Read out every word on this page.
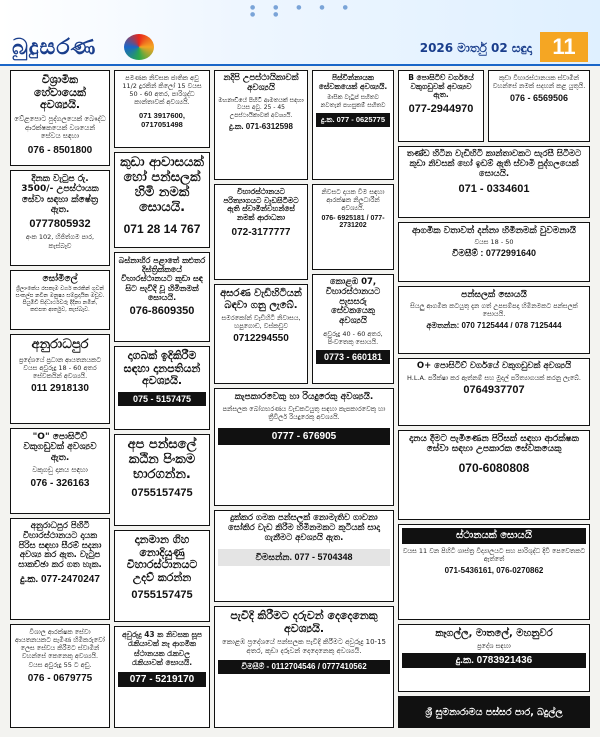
● ● ● ● ● ● ●
බුදුසරණ	2026 මාර්තු 02 සඳුදා 11
විශ්‍රාමික හේවායෙක් අවශ්‍යයි.
වේළපොට පුද්ගලයෙක් බෞද්ධ ආරක්ෂකයෙක් වශයෙන් සේවය සඳහා
076 - 8501800
දිනක වැටුප රු. 3500/- උපස්ථායක සේවා සඳහා ක්ෂේත්‍ර ඇත.
0777805932
අංක 102, හිජිත්ගම පාර, කැස්බෑව
සෝමීලේ
ශ්‍රීලාංකේය රසකෑම වර්ග කරකින් ගුවන් සංකල්ප නවීන මනුෂ්‍ය සම්ප්‍රදායික මඩුව. පියුමිඩි සිද්ධාර්ථවරු දිදිනා නමින්, කළුපත ආර්තුව, කැස්බෑව.
අනුරාධපුර
ප්‍රදේශයේ ප්‍රධාන ආයතනයකට වයස අවුරුදු 18 - 60 අතර සේවකයින් අවශ්‍යයි.
011 2918130
"O" පොසිටිව් වකුගඩුවක් අවශ්‍යව ඇත.
වකුගඩු දානය සඳහා
076 - 326163
අනුරාධපුර පිහිටි විහාරස්ථානයට දායක පිරිස සඳහා සීරම් සදනා අවශ්‍ය කර ඇත. වැටුප සාකච්ඡා කර ගත හැක.
දු.ක. 077-2470247
විශාල ආරක්ෂක සේවා ආයතනයකට පැමිණ හිමිකරුවෝ ලෙස සේවය කිරීමට ස්වාමීන් වහන්සේ කෙනෙකු අවශ්‍යයි. වයස අවුරුදු 55 ට අඩු.
076 - 0679775
පමණක නිවසක ජාතික අවු 11/2 දුරකින් කිලෝ 15 වයස 50 - 60 අතර, පාරිශුද්ධ කාන්තාවක් අවශ්‍යයි.
071 3917600, 0717051498
කුඩා ආවාසයක් හෝ පන්සලක් හිමි නමක් සොයයි.
071 28 14 767
බස්නාහිර පළාතේ කළුතර දිස්ත්‍රික්කයේ විහාරස්ථානයට කුඩා සඳ සිට පැවිදි වූ හිමිනමක් සොයයි.
076-8609350
දාගබක් ඉදිකිරීම සඳහා දානපතියන් අවශ්‍යයි.
075 - 5157475
අප පන්සලේ කඨින පිංකම භාරගන්න.
0755157475
දානමාන ගිහ නොදියුණු විහාරස්ථානයට උදව් කරන්න
0755157475
අවුරුදු 43 ක නිවසක සූප රැකියාවක් නෑ ආගමික ස්ථානයක රැකවල රැකියාවක් සොයයි.
077 - 5219170
නදිපි උපස්ථායිකාවක් අවශ්‍යයි
මහනාඩියේ පිහිටි ආමතයක් සඳහා වයස අවු. 25 - 45 උපස්ථායිකාවක් අවශ්‍යයි.
දු.ක. 071-6312598
විහාරස්ථානයට පරිත්‍යාගයට වැඩසිටීමට ඇති ස්වාමින්වහන්සේ නමක් ආරාධනා
072-3177777
අසරණ වැඩිහිටියන් බඳවා ගනු ලැබේ.
සමරකෝන් වැඩිහිටි නිවාසය, හපුගොඩ, වස්කඩුව
0712294550
පිස්වින්නායක සේවකයෙක් අවශ්‍යයි.
මාසික වැටුප් සහිතව නවතැන් පහසුකම් සහිතව
දු.ක. 077 - 0625775
නිවසට දායක වීම සඳහා ආරක්ෂක නිලධාරීන් අවශ්‍යයි.
076- 6925181 / 077-2731202
කොළඹ 07, විහාරස්ථානයට පැසසරු සේවකයෙකු අවශ්‍යයි
අවුරුදු 40 - 60 අතර, පිංවතෙකු සොයයි.
0773 - 660181
B පොසිටිව් වර්ගයේ වකුගඩුවක් අවශ්‍යව ඇත.
077-2944970
කුඩා විහාරස්ථානයක ස්වාමීන් වහන්සේ නමක් සදහන් කළ යුතුයි.
076 - 6569506
තණ්ඩ හිටින වැඩිහිටි කාන්තාවකට සැරසී සිටීමට කුඩා නිවසක් හෝ ඉඩම් ඇති ස්වාමි පුද්ගලයෙක් සොයයි.
071 - 0334601
ආගමික වතාවත් දන්නා හිමිනමක් වුවමනායි
වයස 18 - 50
විමසීම් : 0772991640
පන්සලක් සොයයි
සියලු ආගමික කටයුතු දැන ගත් උපසම්පදා හිමිනමකට පන්සලක් සොයයි.
අමතන්න: 070 7125444 / 078 7125444
O+ පොසිටිව් වර්ගයේ වකුගඩුවක් අවශ්‍යයි
H.L.A. පරීක්ෂා කර ඇත්නම් සහ මුදල් පරිත්‍යාගයක් කරනු ලැබේ.
0764937707
දානය දීමට පැමිණෙන පිරිසක් සඳහා ආරක්ෂක සේවා සඳහා උපකාරක සේවකයෙකු
070-6080808
ස්ථානයක් සොයයි
වයස 11 වන පිහිටි ශාස්ත්‍ර විද්‍යාලයට සහ පාරිශුද්ධ දිවි පෙවෙතකට ඇත්තේ
071-5436161, 076-0270862
කෑගල්ල, මාතලේ, මහනුවර
ප්‍රදේශ සඳහා
දු.ක. 0783921436
ශ්‍රී සුමනාරාමය පස්සර පාර, බදුල්ල
කැපකාරවෙකු හා රියදුරෙකු අවශ්‍යයි.
පන්සලක බෝගභරණය වැඩකටයුතු සඳහා කැපකාරවෙකු හා ත්‍රීවීලර් රියදුරෙකු අවශ්‍යයි.
0777 - 676905
දුක්කර ගමක පන්සලක් නොමැතිව ගාවනා සෝකිර වැඩ කිරීම හිමිනමකට කුටියක් සාදා ගැනීමට අවශ්‍යයි ඇත.
විමසන්න. 077 - 5704348
පැවිදි කිරීමට දරුවන් දෙදෙනෙකු අවශ්‍යයි.
කොළඹ ප්‍රදේශයේ පන්සලක පැවිදි කිරීමට අවුරුදු 10-15 අතර, කුඩා දරුවන් දෙදෙනෙකු අවශ්‍යයි.
විමසීම් - 0112704546 / 0777410562
